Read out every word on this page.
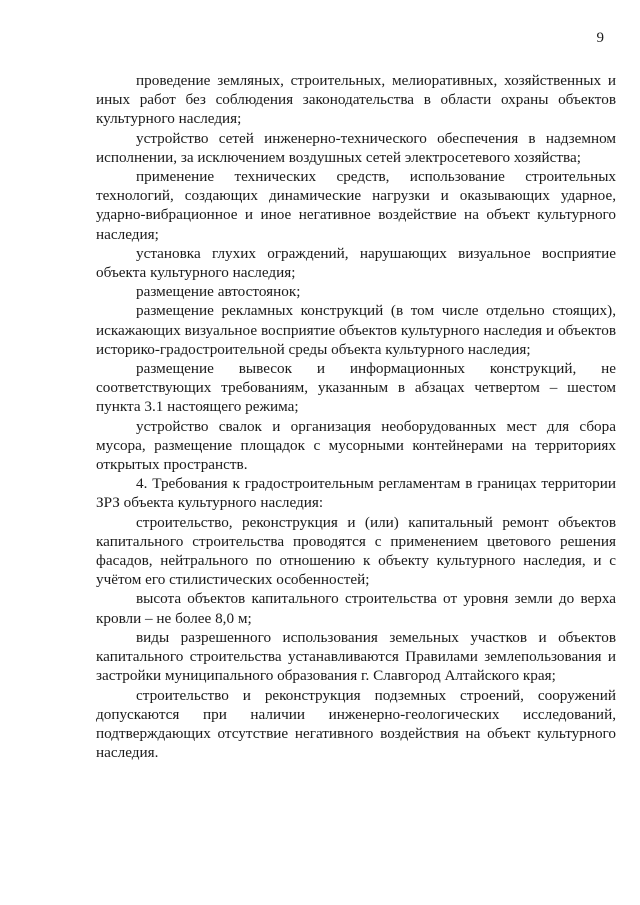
9

проведение земляных, строительных, мелиоративных, хозяйственных и иных работ без соблюдения законодательства в области охраны объектов культурного наследия;

устройство сетей инженерно-технического обеспечения в надземном исполнении, за исключением воздушных сетей электросетевого хозяйства;

применение технических средств, использование строительных технологий, создающих динамические нагрузки и оказывающих ударное, ударно-вибрационное и иное негативное воздействие на объект культурного наследия;

установка глухих ограждений, нарушающих визуальное восприятие объекта культурного наследия;

размещение автостоянок;

размещение рекламных конструкций (в том числе отдельно стоящих), искажающих визуальное восприятие объектов культурного наследия и объектов историко-градостроительной среды объекта культурного наследия;

размещение вывесок и информационных конструкций, не соответствующих требованиям, указанным в абзацах четвертом – шестом пункта 3.1 настоящего режима;

устройство свалок и организация необорудованных мест для сбора мусора, размещение площадок с мусорными контейнерами на территориях открытых пространств.

4. Требования к градостроительным регламентам в границах территории ЗРЗ объекта культурного наследия:

строительство, реконструкция и (или) капитальный ремонт объектов капитального строительства проводятся с применением цветового решения фасадов, нейтрального по отношению к объекту культурного наследия, и с учётом его стилистических особенностей;

высота объектов капитального строительства от уровня земли до верха кровли – не более 8,0 м;

виды разрешенного использования земельных участков и объектов капитального строительства устанавливаются Правилами землепользования и застройки муниципального образования г. Славгород Алтайского края;

строительство и реконструкция подземных строений, сооружений допускаются при наличии инженерно-геологических исследований, подтверждающих отсутствие негативного воздействия на объект культурного наследия.
